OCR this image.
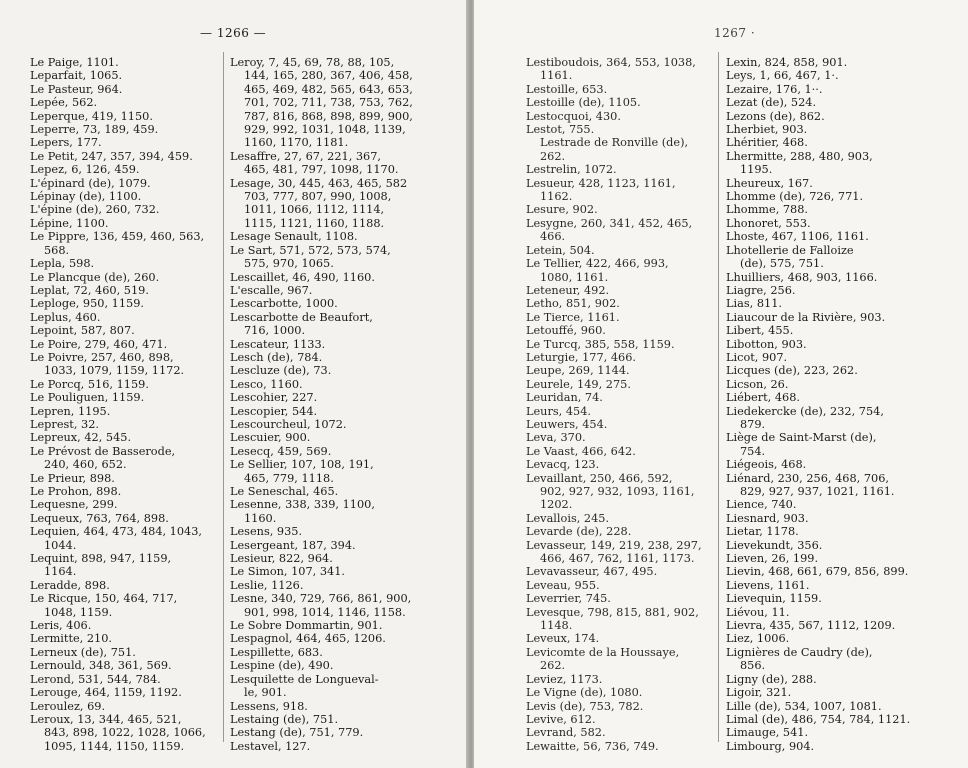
— 1266 —
Le Paige, 1101.
Leparfait, 1065.
Le Pasteur, 964.
Lepée, 562.
Leperque, 419, 1150.
Leperre, 73, 189, 459.
Lepers, 177.
Le Petit, 247, 357, 394, 459.
Lepez, 6, 126, 459.
L'épinard (de), 1079.
Lépinay (de), 1100.
L'épine (de), 260, 732.
Lépine, 1100.
Le Pippre, 136, 459, 460, 563,
568.
Lepla, 598.
Le Plancque (de), 260.
Leplat, 72, 460, 519.
Leploge, 950, 1159.
Leplus, 460.
Lepoint, 587, 807.
Le Poire, 279, 460, 471.
Le Poivre, 257, 460, 898,
1033, 1079, 1159, 1172.
Le Porcq, 516, 1159.
Le Pouliguen, 1159.
Lepren, 1195.
Leprest, 32.
Lepreux, 42, 545.
Le Prévost de Basserode,
240, 460, 652.
Le Prieur, 898.
Le Prohon, 898.
Lequesne, 299.
Lequeux, 763, 764, 898.
Lequien, 464, 473, 484, 1043,
1044.
Lequint, 898, 947, 1159,
1164.
Leradde, 898.
Le Ricque, 150, 464, 717,
1048, 1159.
Leris, 406.
Lermitte, 210.
Lerneux (de), 751.
Lernould, 348, 361, 569.
Lerond, 531, 544, 784.
Lerouge, 464, 1159, 1192.
Leroulez, 69.
Leroux, 13, 344, 465, 521,
843, 898, 1022, 1028, 1066,
1095, 1144, 1150, 1159.
Leroy, 7, 45, 69, 78, 88, 105,
144, 165, 280, 367, 406, 458,
465, 469, 482, 565, 643, 653,
701, 702, 711, 738, 753, 762,
787, 816, 868, 898, 899, 900,
929, 992, 1031, 1048, 1139,
1160, 1170, 1181.
Lesaffre, 27, 67, 221, 367,
465, 481, 797, 1098, 1170.
Lesage, 30, 445, 463, 465, 582
703, 777, 807, 990, 1008,
1011, 1066, 1112, 1114,
1115, 1121, 1160, 1188.
Lesage Senault, 1108.
Le Sart, 571, 572, 573, 574,
575, 970, 1065.
Lescaillet, 46, 490, 1160.
L'escalle, 967.
Lescarbotte, 1000.
Lescarbotte de Beaufort,
716, 1000.
Lescateur, 1133.
Lesch (de), 784.
Lescluze (de), 73.
Lesco, 1160.
Lescohier, 227.
Lescopier, 544.
Lescourcheul, 1072.
Lescuier, 900.
Lesecq, 459, 569.
Le Sellier, 107, 108, 191,
465, 779, 1118.
Le Seneschal, 465.
Lesenne, 338, 339, 1100,
1160.
Lesens, 935.
Lesergeant, 187, 394.
Lesieur, 822, 964.
Le Simon, 107, 341.
Leslie, 1126.
Lesne, 340, 729, 766, 861, 900,
901, 998, 1014, 1146, 1158.
Le Sobre Dommartin, 901.
Lespagnol, 464, 465, 1206.
Lespillette, 683.
Lespine (de), 490.
Lesquilette de Longueval-
le, 901.
Lessens, 918.
Lestaing (de), 751.
Lestang (de), 751, 779.
Lestavel, 127.
1267 ·
Lestiboudois, 364, 553, 1038,
1161.
Lestoille, 653.
Lestoille (de), 1105.
Lestocquoi, 430.
Lestot, 755.
Lestrade de Ronville (de),
262.
Lestrelin, 1072.
Lesueur, 428, 1123, 1161,
1162.
Lesure, 902.
Lesygne, 260, 341, 452, 465,
466.
Letein, 504.
Le Tellier, 422, 466, 993,
1080, 1161.
Leteneur, 492.
Letho, 851, 902.
Le Tierce, 1161.
Letouffé, 960.
Le Turcq, 385, 558, 1159.
Leturgie, 177, 466.
Leupe, 269, 1144.
Leurele, 149, 275.
Leuridan, 74.
Leurs, 454.
Leuwers, 454.
Leva, 370.
Le Vaast, 466, 642.
Levacq, 123.
Levaillant, 250, 466, 592,
902, 927, 932, 1093, 1161,
1202.
Levallois, 245.
Levarde (de), 228.
Levasseur, 149, 219, 238, 297,
466, 467, 762, 1161, 1173.
Levavasseur, 467, 495.
Leveau, 955.
Leverrier, 745.
Levesque, 798, 815, 881, 902,
1148.
Leveux, 174.
Levicomte de la Houssaye,
262.
Leviez, 1173.
Le Vigne (de), 1080.
Levis (de), 753, 782.
Levive, 612.
Levrand, 582.
Lewaitte, 56, 736, 749.
Lexin, 824, 858, 901.
Leys, 1, 66, 467, 1·.
Lezaire, 176, 1··.
Lezat (de), 524.
Lezons (de), 862.
Lherbiet, 903.
Lhéritier, 468.
Lhermitte, 288, 480, 903,
1195.
Lheureux, 167.
Lhomme (de), 726, 771.
Lhomme, 788.
Lhonoret, 553.
Lhoste, 467, 1106, 1161.
Lhotellerie de Falloize
(de), 575, 751.
Lhuilliers, 468, 903, 1166.
Liagre, 256.
Lias, 811.
Liaucour de la Rivière, 903.
Libert, 455.
Libotton, 903.
Licot, 907.
Licques (de), 223, 262.
Licson, 26.
Liébert, 468.
Liedekercke (de), 232, 754,
879.
Liège de Saint-Marst (de),
754.
Liégeois, 468.
Liénard, 230, 256, 468, 706,
829, 927, 937, 1021, 1161.
Lience, 740.
Liesnard, 903.
Lietar, 1178.
Lievekundt, 356.
Lieven, 26, 199.
Lievin, 468, 661, 679, 856, 899.
Lievens, 1161.
Lievequin, 1159.
Liévou, 11.
Lievra, 435, 567, 1112, 1209.
Liez, 1006.
Lignières de Caudry (de),
856.
Ligny (de), 288.
Ligoir, 321.
Lille (de), 534, 1007, 1081.
Limal (de), 486, 754, 784, 1121.
Limauge, 541.
Limbourg, 904.
